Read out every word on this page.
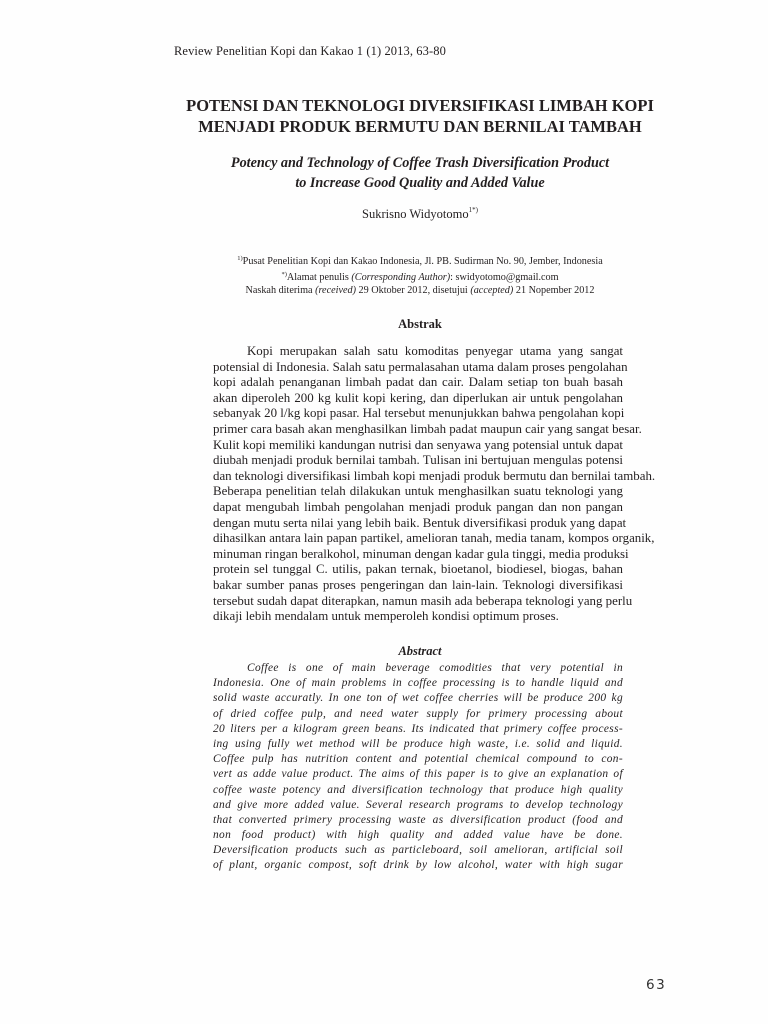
Review Penelitian Kopi dan Kakao 1 (1) 2013, 63-80
POTENSI DAN TEKNOLOGI DIVERSIFIKASI LIMBAH KOPI
MENJADI PRODUK BERMUTU DAN BERNILAI TAMBAH
Potency and Technology of Coffee Trash Diversification Product
to Increase Good Quality and Added Value
Sukrisno Widyotomo$^{1*)}$
$^{1)}$Pusat Penelitian Kopi dan Kakao Indonesia, Jl. PB. Sudirman No. 90, Jember, Indonesia
*)Alamat penulis (Corresponding Author): swidyotomo@gmail.com
Naskah diterima (received) 29 Oktober 2012, disetujui (accepted) 21 Nopember 2012
Abstrak
Kopi merupakan salah satu komoditas penyegar utama yang sangat
potensial di Indonesia. Salah satu permalasahan utama dalam proses pengolahan
kopi adalah penanganan limbah padat dan cair. Dalam setiap ton buah basah
akan diperoleh 200 kg kulit kopi kering, dan diperlukan air untuk pengolahan
sebanyak 20 l/kg kopi pasar. Hal tersebut menunjukkan bahwa pengolahan kopi
primer cara basah akan menghasilkan limbah padat maupun cair yang sangat besar.
Kulit kopi memiliki kandungan nutrisi dan senyawa yang potensial untuk dapat
diubah menjadi produk bernilai tambah. Tulisan ini bertujuan mengulas potensi
dan teknologi diversifikasi limbah kopi menjadi produk bermutu dan bernilai tambah.
Beberapa penelitian telah dilakukan untuk menghasilkan suatu teknologi yang
dapat mengubah limbah pengolahan menjadi produk pangan dan non pangan
dengan mutu serta nilai yang lebih baik. Bentuk diversifikasi produk yang dapat
dihasilkan antara lain papan partikel, amelioran tanah, media tanam, kompos organik,
minuman ringan beralkohol, minuman dengan kadar gula tinggi, media produksi
protein sel tunggal C. utilis, pakan ternak, bioetanol, biodiesel, biogas, bahan
bakar sumber panas proses pengeringan dan lain-lain. Teknologi diversifikasi
tersebut sudah dapat diterapkan, namun masih ada beberapa teknologi yang perlu
dikaji lebih mendalam untuk memperoleh kondisi optimum proses.
Abstract
Coffee is one of main beverage comodities that very potential in
Indonesia. One of main problems in coffee processing is to handle liquid and
solid waste accuratly. In one ton of wet coffee cherries will be produce 200 kg
of dried coffee pulp, and need water supply for primery processing about
20 liters per a kilogram green beans. Its indicated that primery coffee process-
ing using fully wet method will be produce high waste, i.e. solid and liquid.
Coffee pulp has nutrition content and potential chemical compound to con-
vert as adde value product. The aims of this paper is to give an explanation of
coffee waste potency and diversification technology that produce high quality
and give more added value. Several research programs to develop technology
that converted primery processing waste as diversification product (food and
non food product) with high quality and added value have be done.
Deversification products such as particleboard, soil amelioran, artificial soil
of plant, organic compost, soft drink by low alcohol, water with high sugar
63
